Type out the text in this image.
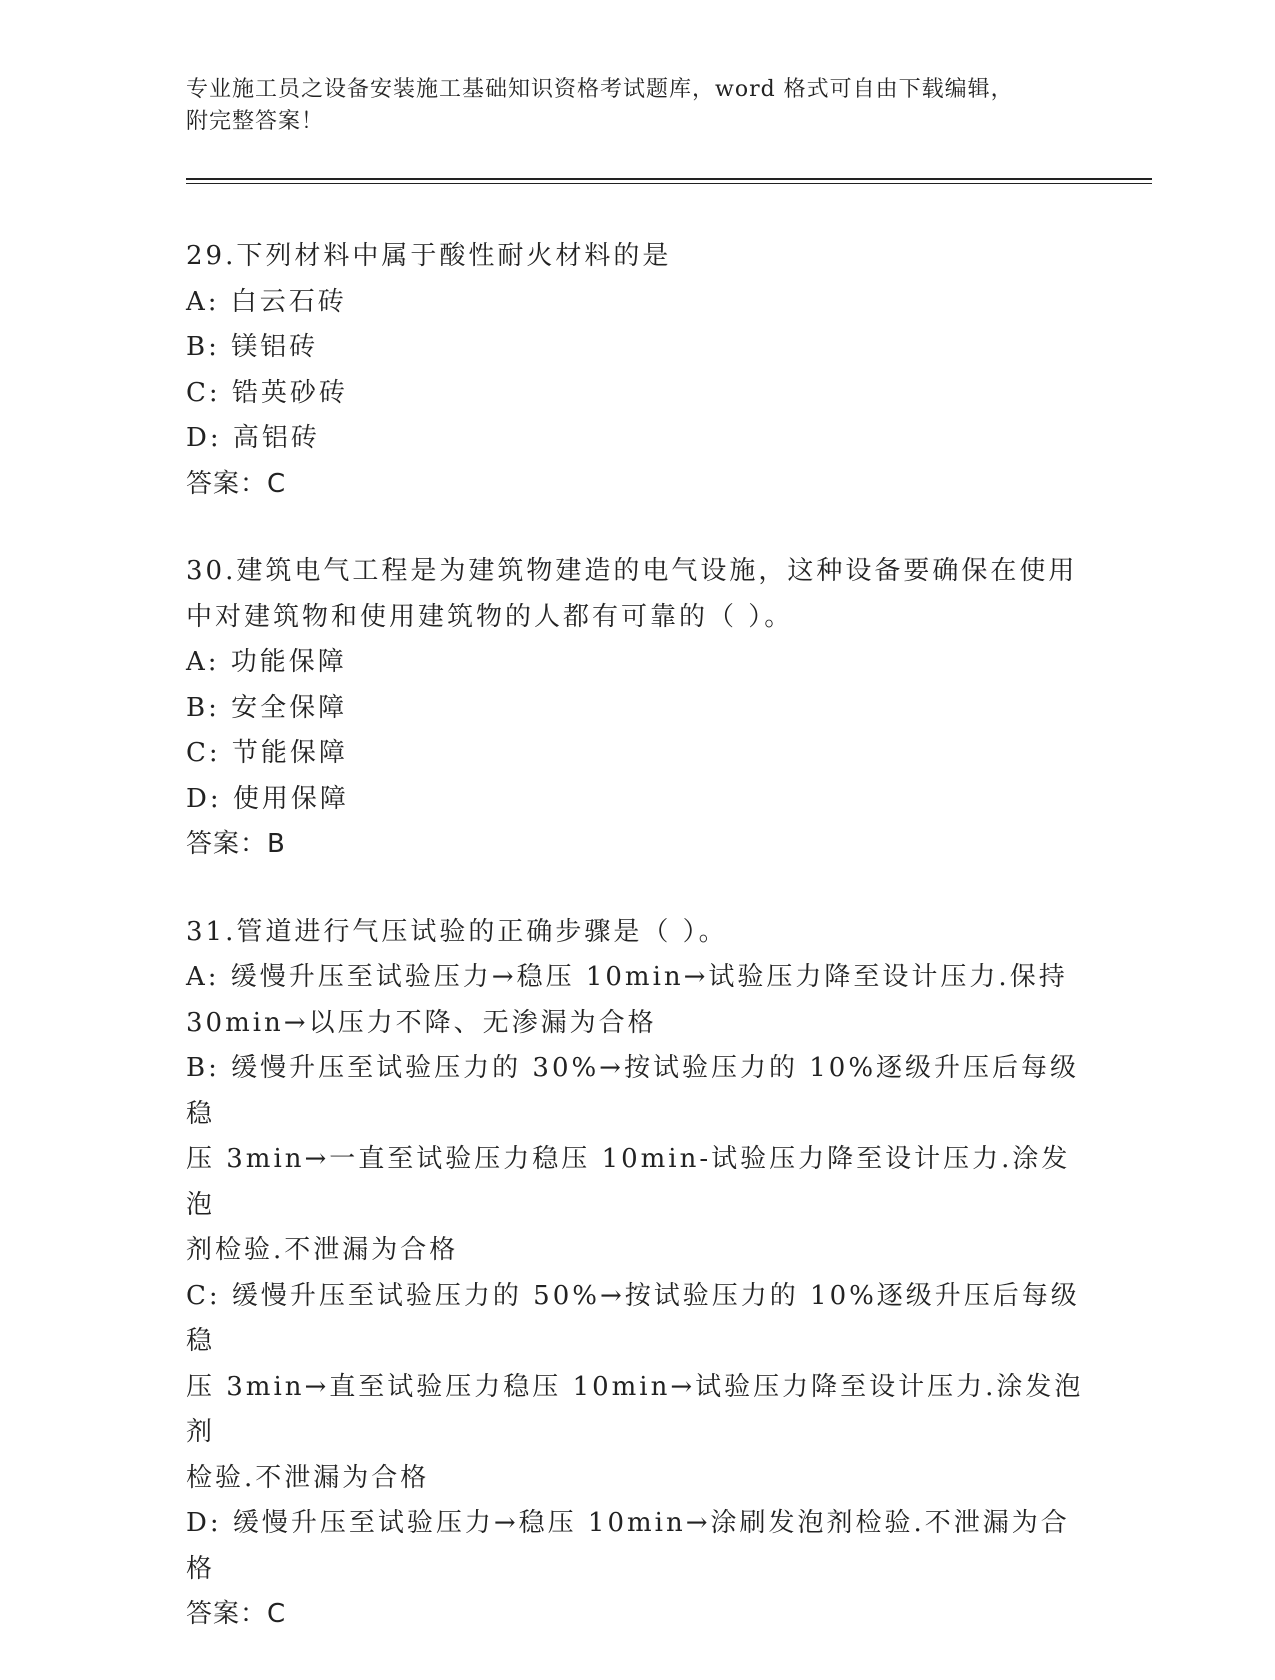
专业施工员之设备安装施工基础知识资格考试题库，word 格式可自由下载编辑，
附完整答案！
29.下列材料中属于酸性耐火材料的是
A: 白云石砖
B: 镁铝砖
C: 锆英砂砖
D: 高铝砖
答案：C
30.建筑电气工程是为建筑物建造的电气设施，这种设备要确保在使用
中对建筑物和使用建筑物的人都有可靠的（ ）。
A: 功能保障
B: 安全保障
C: 节能保障
D: 使用保障
答案：B
31.管道进行气压试验的正确步骤是（ ）。
A: 缓慢升压至试验压力→稳压 10min→试验压力降至设计压力.保持
30min→以压力不降、无渗漏为合格
B: 缓慢升压至试验压力的 30%→按试验压力的 10%逐级升压后每级稳
压 3min→一直至试验压力稳压 10min-试验压力降至设计压力.涂发泡
剂检验.不泄漏为合格
C: 缓慢升压至试验压力的 50%→按试验压力的 10%逐级升压后每级稳
压 3min→直至试验压力稳压 10min→试验压力降至设计压力.涂发泡剂
检验.不泄漏为合格
D: 缓慢升压至试验压力→稳压 10min→涂刷发泡剂检验.不泄漏为合格
答案：C
